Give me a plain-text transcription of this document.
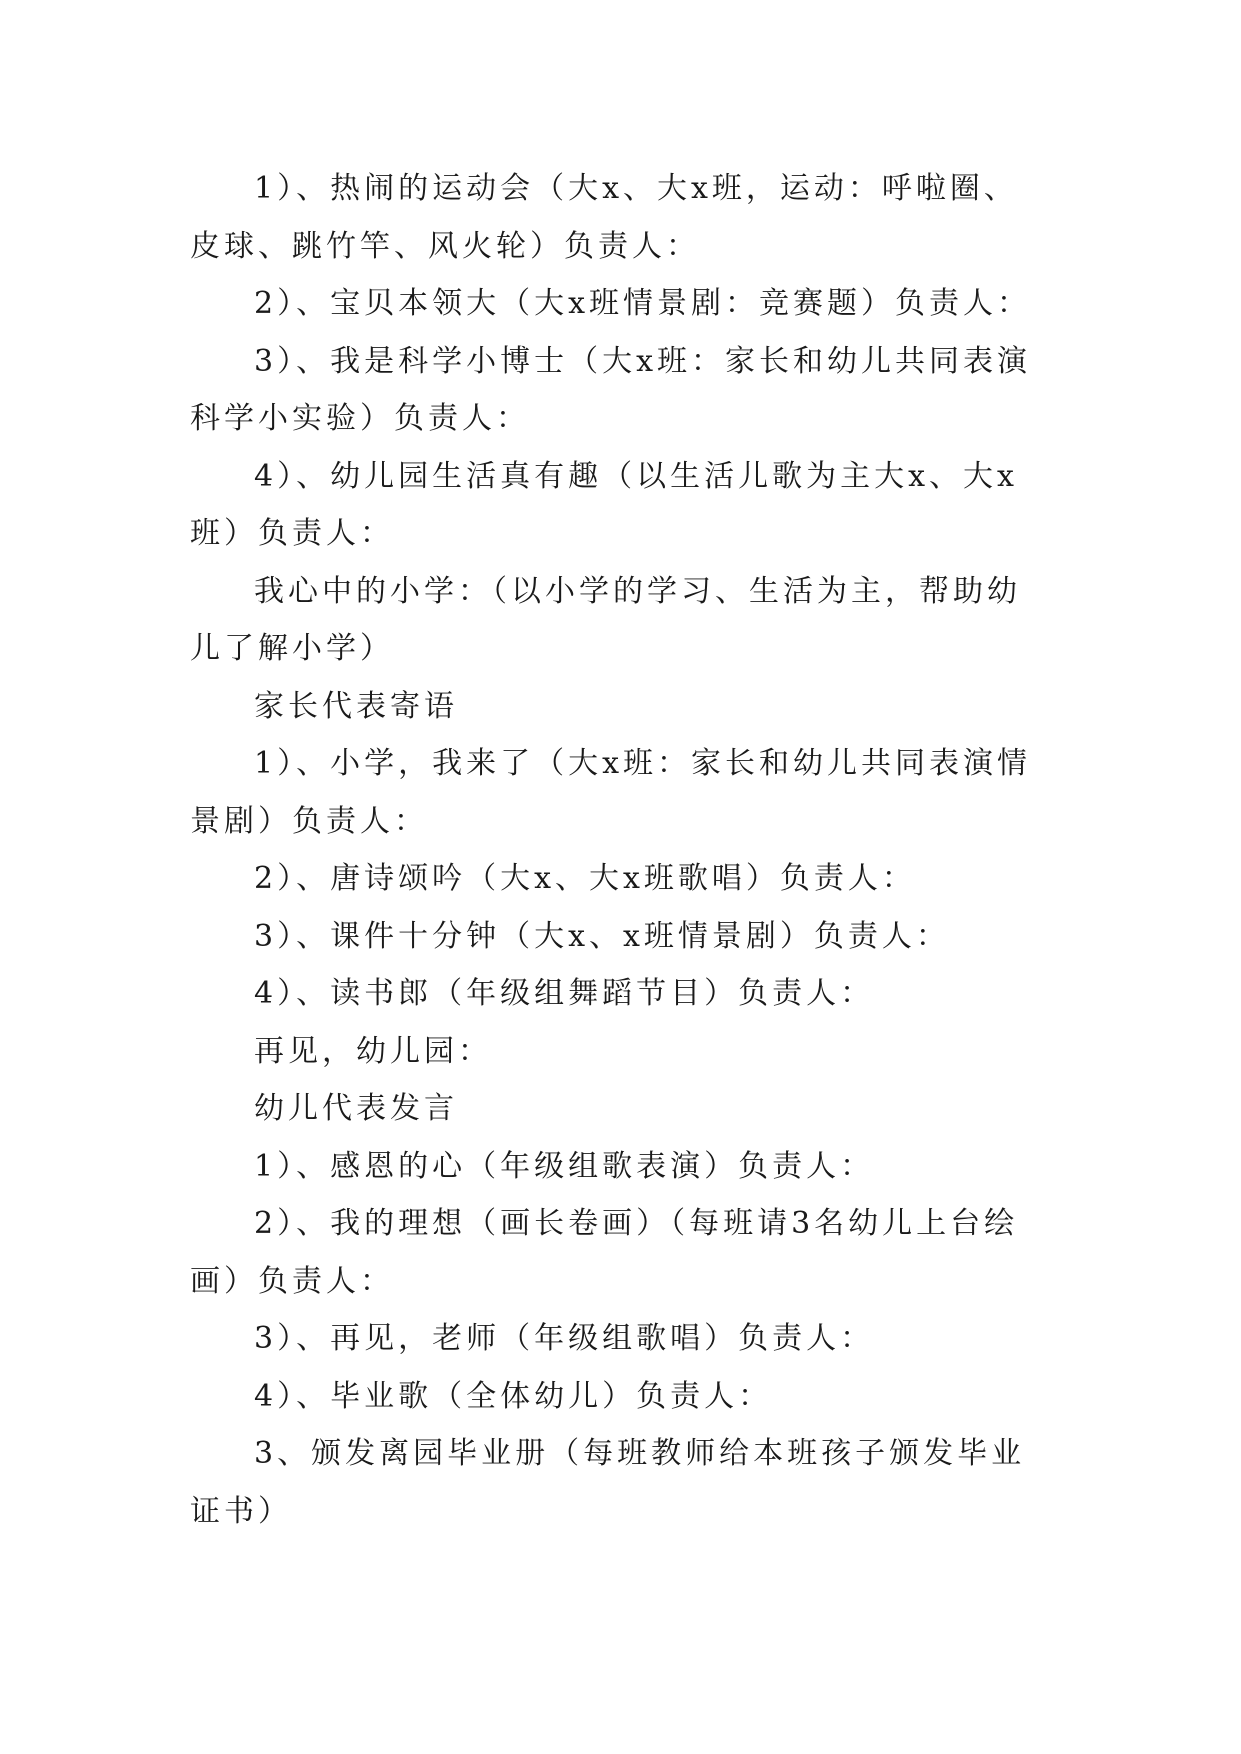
1）、热闹的运动会（大x、大x班，运动：呼啦圈、皮球、跳竹竿、风火轮）负责人：

2）、宝贝本领大（大x班情景剧：竞赛题）负责人：

3）、我是科学小博士（大x班：家长和幼儿共同表演科学小实验）负责人：

4）、幼儿园生活真有趣（以生活儿歌为主大x、大x班）负责人：

我心中的小学：（以小学的学习、生活为主，帮助幼儿了解小学）

家长代表寄语

1）、小学，我来了（大x班：家长和幼儿共同表演情景剧）负责人：

2）、唐诗颂吟（大x、大x班歌唱）负责人：

3）、课件十分钟（大x、x班情景剧）负责人：

4）、读书郎（年级组舞蹈节目）负责人：

再见，幼儿园：

幼儿代表发言

1）、感恩的心（年级组歌表演）负责人：

2）、我的理想（画长卷画）（每班请3名幼儿上台绘画）负责人：

3）、再见，老师（年级组歌唱）负责人：

4）、毕业歌（全体幼儿）负责人：

3、颁发离园毕业册（每班教师给本班孩子颁发毕业证书）
